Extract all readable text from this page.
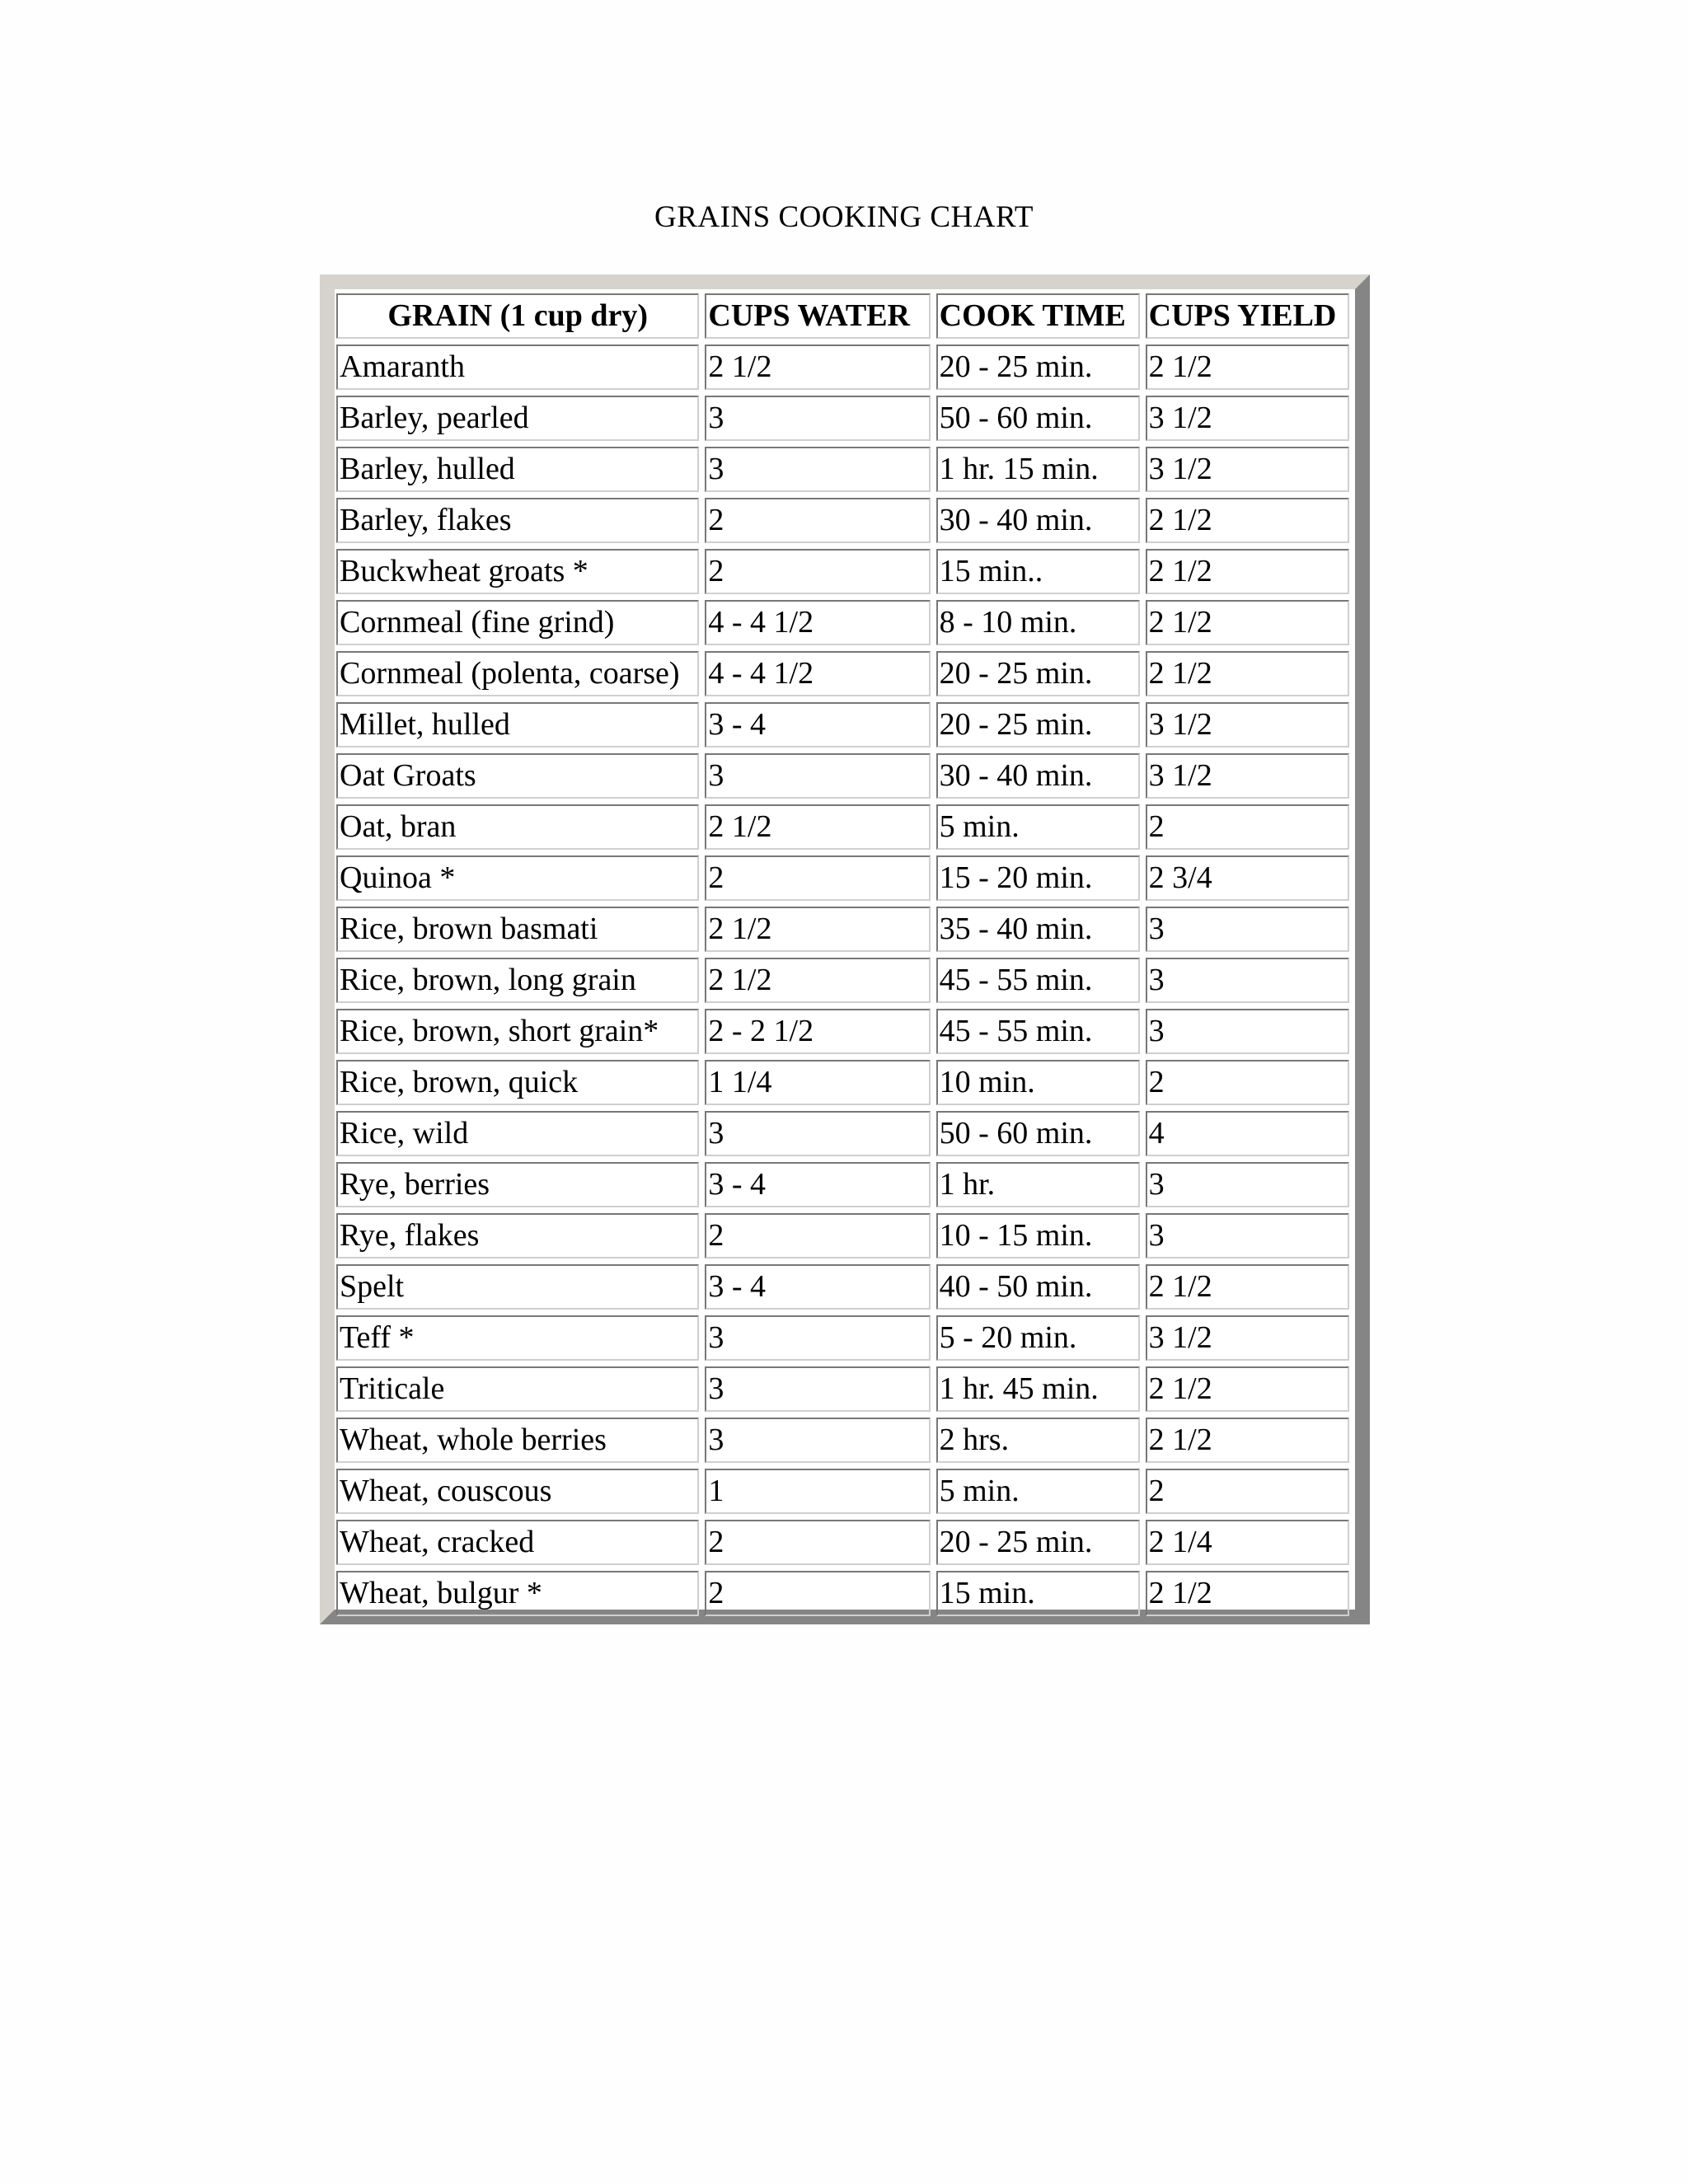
GRAINS COOKING CHART
GRAIN (1 cup dry)	CUPS WATER	COOK TIME	CUPS YIELD
Amaranth	2 1/2	20 - 25 min.	2 1/2
Barley, pearled	3	50 - 60 min.	3 1/2
Barley, hulled	3	1 hr. 15 min.	3 1/2
Barley, flakes	2	30 - 40 min.	2 1/2
Buckwheat groats *	2	15 min..	2 1/2
Cornmeal (fine grind)	4 - 4 1/2	8 - 10 min.	2 1/2
Cornmeal (polenta, coarse)	4 - 4 1/2	20 - 25 min.	2 1/2
Millet, hulled	3 - 4	20 - 25 min.	3 1/2
Oat Groats	3	30 - 40 min.	3 1/2
Oat, bran	2 1/2	5 min.	2
Quinoa *	2	15 - 20 min.	2 3/4
Rice, brown basmati	2 1/2	35 - 40 min.	3
Rice, brown, long grain	2 1/2	45 - 55 min.	3
Rice, brown, short grain*	2 - 2 1/2	45 - 55 min.	3
Rice, brown, quick	1 1/4	10 min.	2
Rice, wild	3	50 - 60 min.	4
Rye, berries	3 - 4	1 hr.	3
Rye, flakes	2	10 - 15 min.	3
Spelt	3 - 4	40 - 50 min.	2 1/2
Teff *	3	5 - 20 min.	3 1/2
Triticale	3	1 hr. 45 min.	2 1/2
Wheat, whole berries	3	2 hrs.	2 1/2
Wheat, couscous	1	5 min.	2
Wheat, cracked	2	20 - 25 min.	2 1/4
Wheat, bulgur *	2	15 min.	2 1/2
